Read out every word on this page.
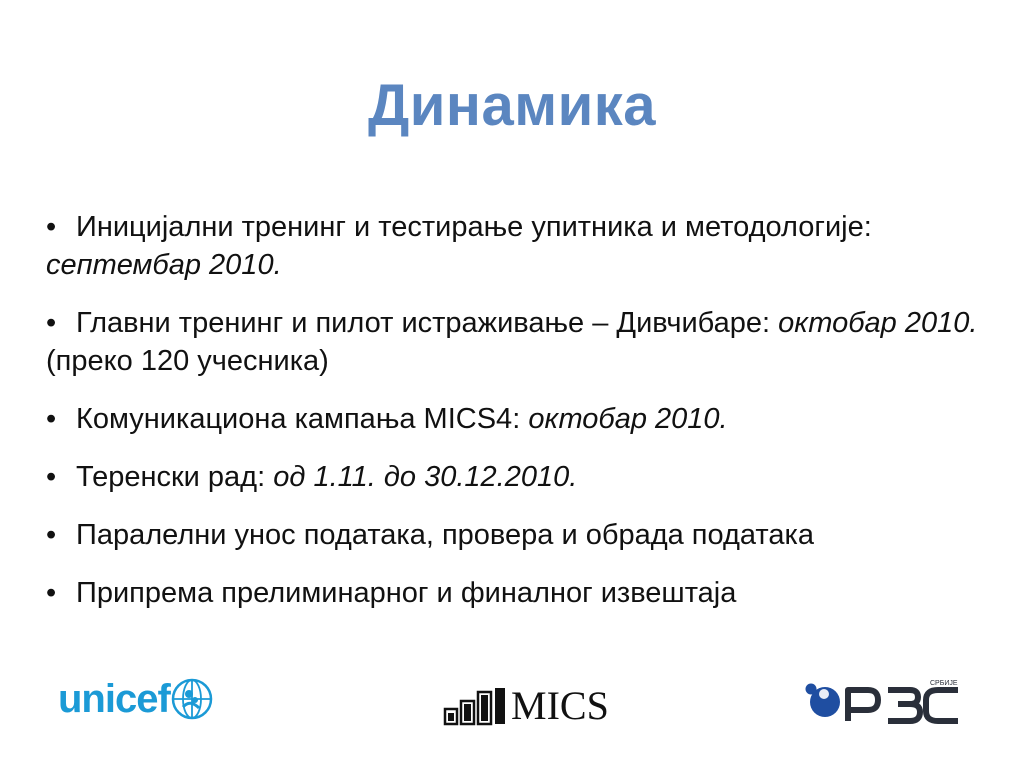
Динамика
• Иницијални тренинг и тестирање упитника и методологије: септембар 2010.
• Главни тренинг и пилот истраживање – Дивчибаре: октобар 2010. (преко 120 учесника)
• Комуникациона кампања MICS4: октобар 2010.
• Теренски рад: од 1.11. до 30.12.2010.
• Паралелни унос података, провера и обрада података
• Припрема прелиминарног и финалног извештаја
unicef	MICS	СРБИЈЕ
